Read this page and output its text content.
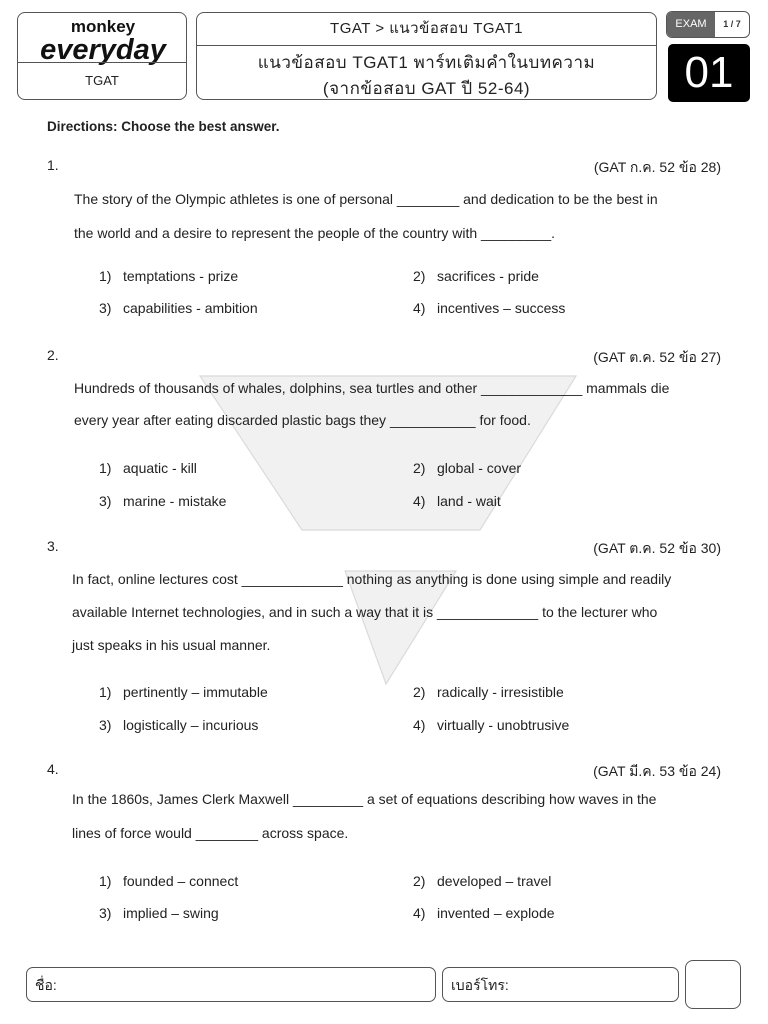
monkey
everyday
TGAT
TGAT > แนวข้อสอบ TGAT1
แนวข้อสอบ TGAT1 พาร์ทเติมคำในบทความ
(จากข้อสอบ GAT ปี 52-64)
EXAM	1 / 7
01
Directions: Choose the best answer.
1.	(GAT ก.ค. 52 ข้อ 28)
The story of the Olympic athletes is one of personal ________ and dedication to be the best in
the world and a desire to represent the people of the country with _________.
1) temptations - prize	2) sacrifices - pride
3) capabilities - ambition	4) incentives – success
2.	(GAT ต.ค. 52 ข้อ 27)
Hundreds of thousands of whales, dolphins, sea turtles and other _____________ mammals die
every year after eating discarded plastic bags they ___________ for food.
1) aquatic - kill	2) global - cover
3) marine - mistake	4) land - wait
3.	(GAT ต.ค. 52 ข้อ 30)
In fact, online lectures cost _____________ nothing as anything is done using simple and readily
available Internet technologies, and in such a way that it is _____________ to the lecturer who
just speaks in his usual manner.
1) pertinently – immutable	2) radically - irresistible
3) logistically – incurious	4) virtually - unobtrusive
4.	(GAT มี.ค. 53 ข้อ 24)
In the 1860s, James Clerk Maxwell _________ a set of equations describing how waves in the
lines of force would ________ across space.
1) founded – connect	2) developed – travel
3) implied – swing	4) invented – explode
ชื่อ:	เบอร์โทร:
